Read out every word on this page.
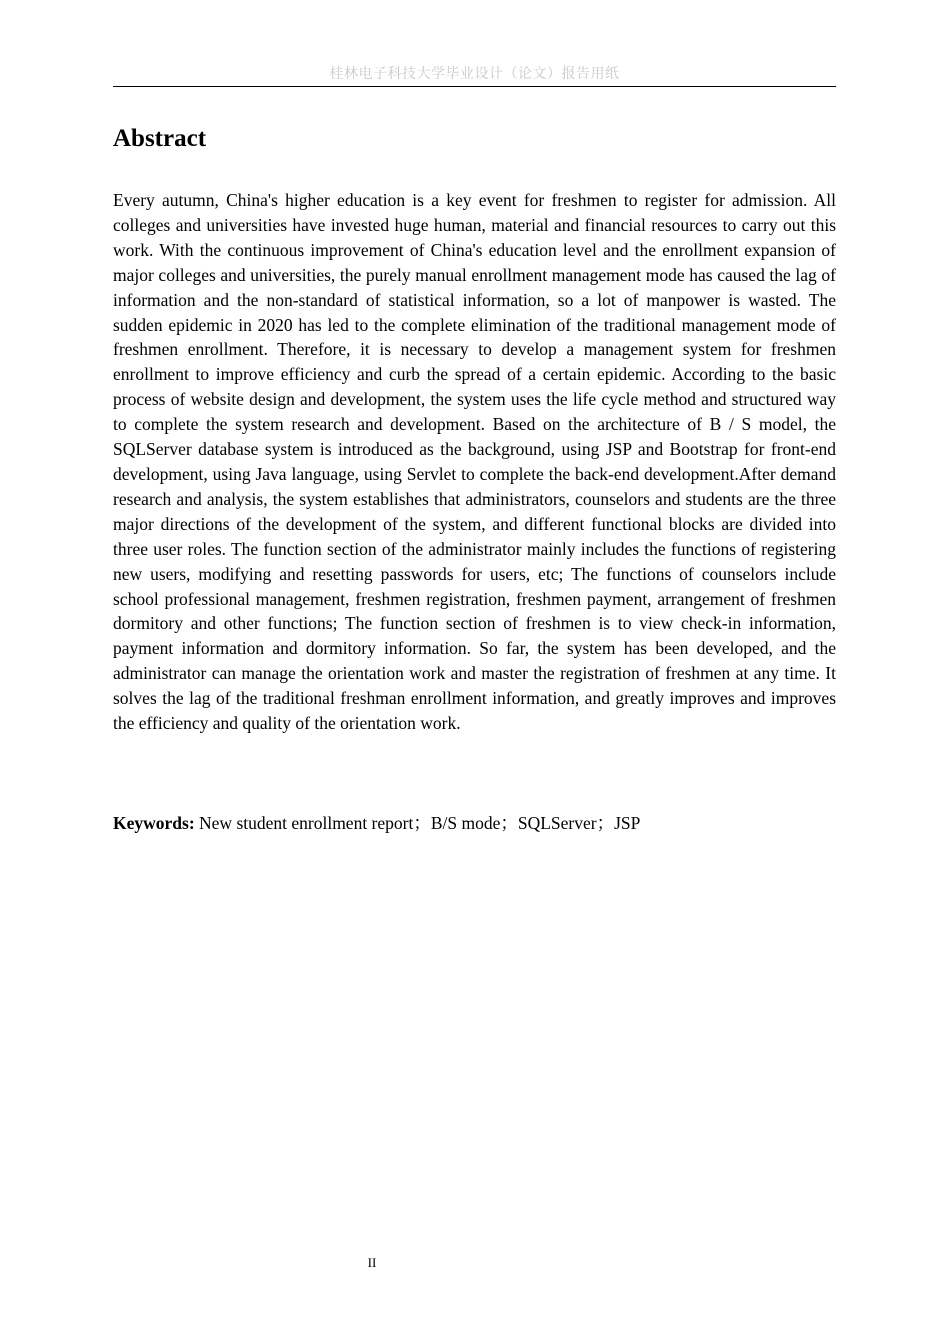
桂林电子科技大学毕业设计（论文）报告用纸
Abstract

Every autumn, China's higher education is a key event for freshmen to register for admission. All colleges and universities have invested huge human, material and financial resources to carry out this work. With the continuous improvement of China's education level and the enrollment expansion of major colleges and universities, the purely manual enrollment management mode has caused the lag of information and the non-standard of statistical information, so a lot of manpower is wasted. The sudden epidemic in 2020 has led to the complete elimination of the traditional management mode of freshmen enrollment. Therefore, it is necessary to develop a management system for freshmen enrollment to improve efficiency and curb the spread of a certain epidemic. According to the basic process of website design and development, the system uses the life cycle method and structured way to complete the system research and development. Based on the architecture of B / S model, the SQLServer database system is introduced as the background, using JSP and Bootstrap for front-end development, using Java language, using Servlet to complete the back-end development.After demand research and analysis, the system establishes that administrators, counselors and students are the three major directions of the development of the system, and different functional blocks are divided into three user roles. The function section of the administrator mainly includes the functions of registering new users, modifying and resetting passwords for users, etc; The functions of counselors include school professional management, freshmen registration, freshmen payment, arrangement of freshmen dormitory and other functions; The function section of freshmen is to view check-in information, payment information and dormitory information. So far, the system has been developed, and the administrator can manage the orientation work and master the registration of freshmen at any time. It solves the lag of the traditional freshman enrollment information, and greatly improves and improves the efficiency and quality of the orientation work.

Keywords: New student enrollment report；B/S mode；SQLServer；JSP

II
